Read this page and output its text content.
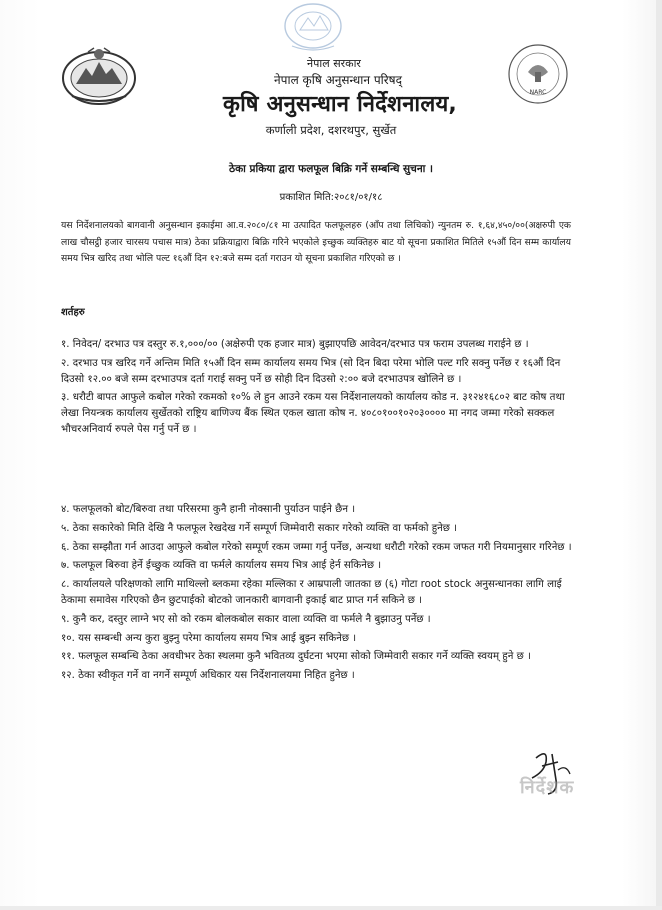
NARC
नेपाल सरकार
नेपाल कृषि अनुसन्धान परिषद्
कृषि अनुसन्धान निर्देशनालय,
कर्णाली प्रदेश, दशरथपुर, सुर्खेत
ठेका प्रकिया द्वारा फलफूल बिक्रि गर्ने सम्बन्धि सुचना ।
प्रकाशित मिति:२०८१/०१/१८
यस निर्देशनालयको बागवानी अनुसन्धान इकाईमा आ.व.२०८०/८१ मा उत्पादित फलफूलहरु (आँप तथा लिचिको) न्युनतम रु. १,६४,४५०/००(अक्षरुपी एक लाख चौसट्ठी हजार चारसय पचास मात्र) ठेका प्रक्रियाद्वारा बिक्रि गरिने भएकोले इच्छुक व्यक्तिहरु बाट यो सूचना प्रकाशित मितिले १५औं दिन सम्म कार्यालय समय भित्र खरिद तथा भोलि पल्ट १६औं दिन १२:बजे सम्म दर्ता गराउन यो सूचना प्रकाशित गरिएको छ ।
शर्तहरु
१. निवेदन/ दरभाउ पत्र दस्तुर रु.१,०००/०० (अक्षेरुपी एक हजार मात्र) बुझाएपछि आवेदन/दरभाउ पत्र फराम उपलब्ध गराईने छ ।
२. दरभाउ पत्र खरिद गर्ने अन्तिम मिति १५औं दिन सम्म कार्यालय समय भित्र (सो दिन बिदा परेमा भोलि पल्ट गरि सक्नु पर्नेछ र १६औं दिन दिउसो १२.०० बजे सम्म दरभाउपत्र दर्ता गराई सक्नु पर्ने छ सोही दिन दिउसो २:०० बजे दरभाउपत्र खोलिने छ ।
३. धरौटी बापत आफुले कबोल गरेको रकमको १०% ले हुन आउने रकम यस निर्देशनालयको कार्यालय कोड न. ३१२४१६८०२ बाट कोष तथा लेखा नियन्त्रक कार्यालय सुर्खेतको राष्ट्रिय बाणिज्य बैंक स्थित एकल खाता कोष न. ४०८०१००१०२०३०००० मा नगद जम्मा गरेको सक्कल भौचरअनिवार्य रुपले पेस गर्नु पर्ने छ ।
४. फलफूलको बोट/बिरुवा तथा परिसरमा कुनै हानी नोक्सानी पुर्याउन पाईने छैन ।
५. ठेका सकारेको मिति देखि नै फलफूल रेखदेख गर्ने सम्पूर्ण जिम्मेवारी सकार गरेको व्यक्ति वा फर्मको हुनेछ ।
६. ठेका सम्झौता गर्न आउदा आफुले कबोल गरेको सम्पूर्ण रकम जम्मा गर्नु पर्नेछ, अन्यथा धरौटी गरेको रकम जफत गरी नियमानुसार गरिनेछ ।
७. फलफूल बिरुवा हेर्ने ईच्छुक व्यक्ति वा फर्मले कार्यालय समय भित्र आई हेर्न सकिनेछ ।
८. कार्यालयले परिक्षणको लागि माथिल्लो ब्लकमा रहेका मल्लिका र आम्रपाली जातका छ (६) गोटा root stock अनुसन्धानका लागि लाई ठेकामा समावेस गरिएको छैन छुटपाईको बोटको जानकारी बागवानी इकाई बाट प्राप्त गर्न सकिने छ ।
९. कुनै कर, दस्तुर लाग्ने भए सो को रकम बोलकबोल सकार वाला व्यक्ति वा फर्मले नै बुझाउनु पर्नेछ ।
१०. यस सम्बन्धी अन्य कुरा बुझ्नु परेमा कार्यालय समय भित्र आई बुझ्न सकिनेछ ।
११. फलफूल सम्बन्धि ठेका अवधीभर ठेका स्थलमा कुनै भवितव्य दुर्घटना भएमा सोको जिम्मेवारी सकार गर्ने व्यक्ति स्वयम् हुने छ ।
१२. ठेका स्वीकृत गर्ने वा नगर्ने सम्पूर्ण अधिकार यस निर्देशनालयमा निहित हुनेछ ।
निर्देशक
